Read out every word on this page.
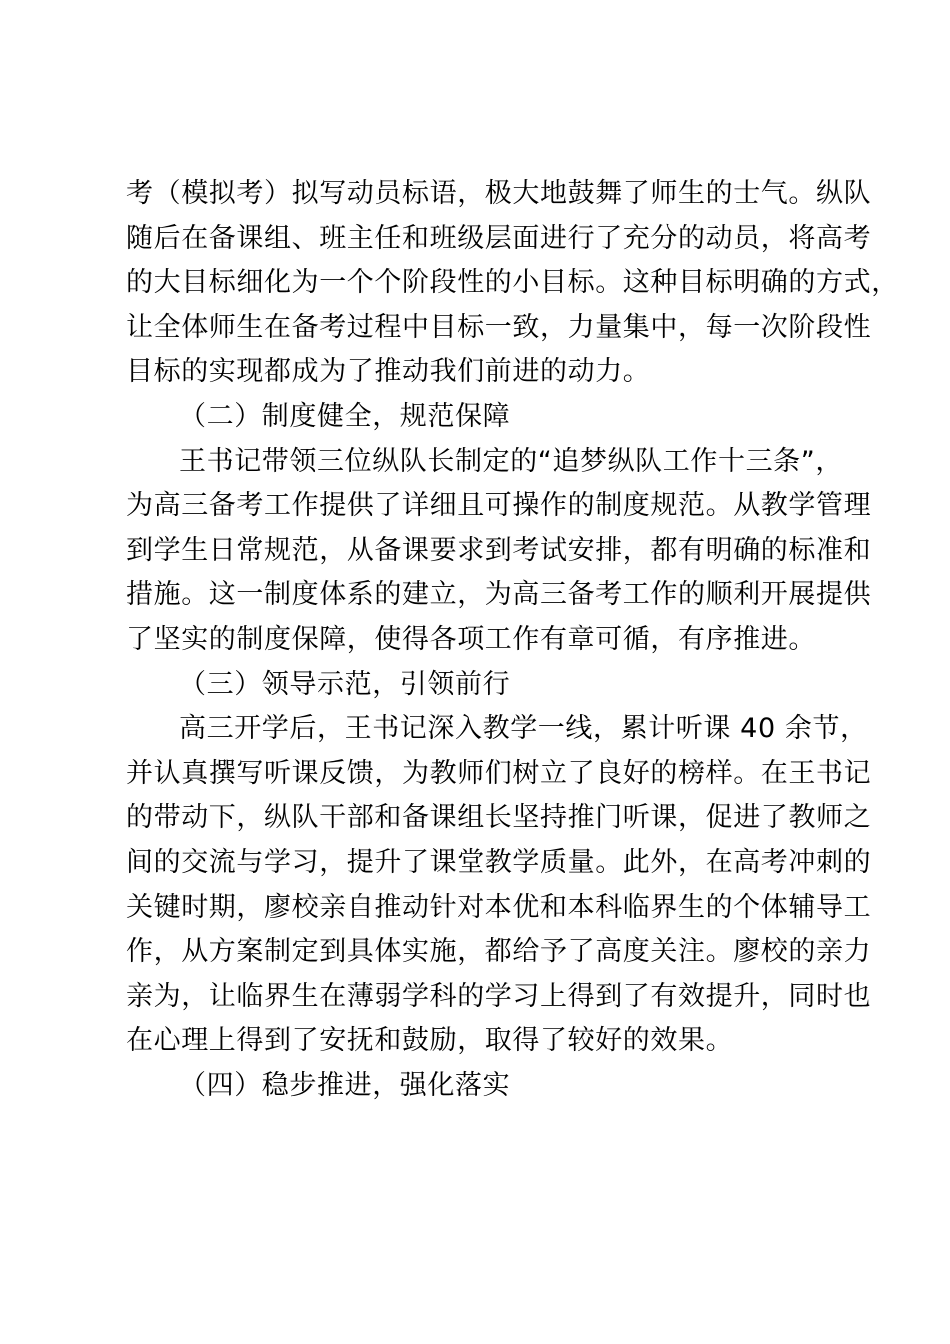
考（模拟考）拟写动员标语，极大地鼓舞了师生的士气。纵队
随后在备课组、班主任和班级层面进行了充分的动员，将高考
的大目标细化为一个个阶段性的小目标。这种目标明确的方式，
让全体师生在备考过程中目标一致，力量集中，每一次阶段性
目标的实现都成为了推动我们前进的动力。
（二）制度健全，规范保障
王书记带领三位纵队长制定的“追梦纵队工作十三条”，
为高三备考工作提供了详细且可操作的制度规范。从教学管理
到学生日常规范，从备课要求到考试安排，都有明确的标准和
措施。这一制度体系的建立，为高三备考工作的顺利开展提供
了坚实的制度保障，使得各项工作有章可循，有序推进。
（三）领导示范，引领前行
高三开学后，王书记深入教学一线，累计听课 40 余节，
并认真撰写听课反馈，为教师们树立了良好的榜样。在王书记
的带动下，纵队干部和备课组长坚持推门听课，促进了教师之
间的交流与学习，提升了课堂教学质量。此外，在高考冲刺的
关键时期，廖校亲自推动针对本优和本科临界生的个体辅导工
作，从方案制定到具体实施，都给予了高度关注。廖校的亲力
亲为，让临界生在薄弱学科的学习上得到了有效提升，同时也
在心理上得到了安抚和鼓励，取得了较好的效果。
（四）稳步推进，强化落实
